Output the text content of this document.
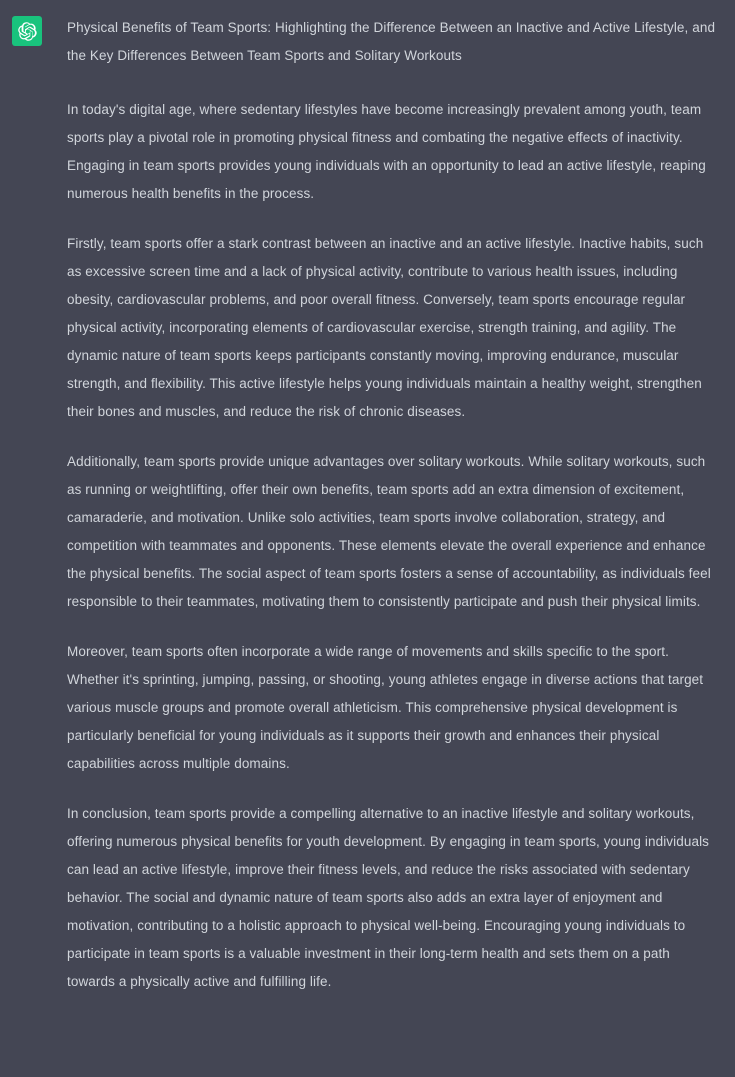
Physical Benefits of Team Sports: Highlighting the Difference Between an Inactive and Active Lifestyle, and the Key Differences Between Team Sports and Solitary Workouts

In today's digital age, where sedentary lifestyles have become increasingly prevalent among youth, team sports play a pivotal role in promoting physical fitness and combating the negative effects of inactivity. Engaging in team sports provides young individuals with an opportunity to lead an active lifestyle, reaping numerous health benefits in the process.

Firstly, team sports offer a stark contrast between an inactive and an active lifestyle. Inactive habits, such as excessive screen time and a lack of physical activity, contribute to various health issues, including obesity, cardiovascular problems, and poor overall fitness. Conversely, team sports encourage regular physical activity, incorporating elements of cardiovascular exercise, strength training, and agility. The dynamic nature of team sports keeps participants constantly moving, improving endurance, muscular strength, and flexibility. This active lifestyle helps young individuals maintain a healthy weight, strengthen their bones and muscles, and reduce the risk of chronic diseases.

Additionally, team sports provide unique advantages over solitary workouts. While solitary workouts, such as running or weightlifting, offer their own benefits, team sports add an extra dimension of excitement, camaraderie, and motivation. Unlike solo activities, team sports involve collaboration, strategy, and competition with teammates and opponents. These elements elevate the overall experience and enhance the physical benefits. The social aspect of team sports fosters a sense of accountability, as individuals feel responsible to their teammates, motivating them to consistently participate and push their physical limits.

Moreover, team sports often incorporate a wide range of movements and skills specific to the sport. Whether it's sprinting, jumping, passing, or shooting, young athletes engage in diverse actions that target various muscle groups and promote overall athleticism. This comprehensive physical development is particularly beneficial for young individuals as it supports their growth and enhances their physical capabilities across multiple domains.

In conclusion, team sports provide a compelling alternative to an inactive lifestyle and solitary workouts, offering numerous physical benefits for youth development. By engaging in team sports, young individuals can lead an active lifestyle, improve their fitness levels, and reduce the risks associated with sedentary behavior. The social and dynamic nature of team sports also adds an extra layer of enjoyment and motivation, contributing to a holistic approach to physical well-being. Encouraging young individuals to participate in team sports is a valuable investment in their long-term health and sets them on a path towards a physically active and fulfilling life.
